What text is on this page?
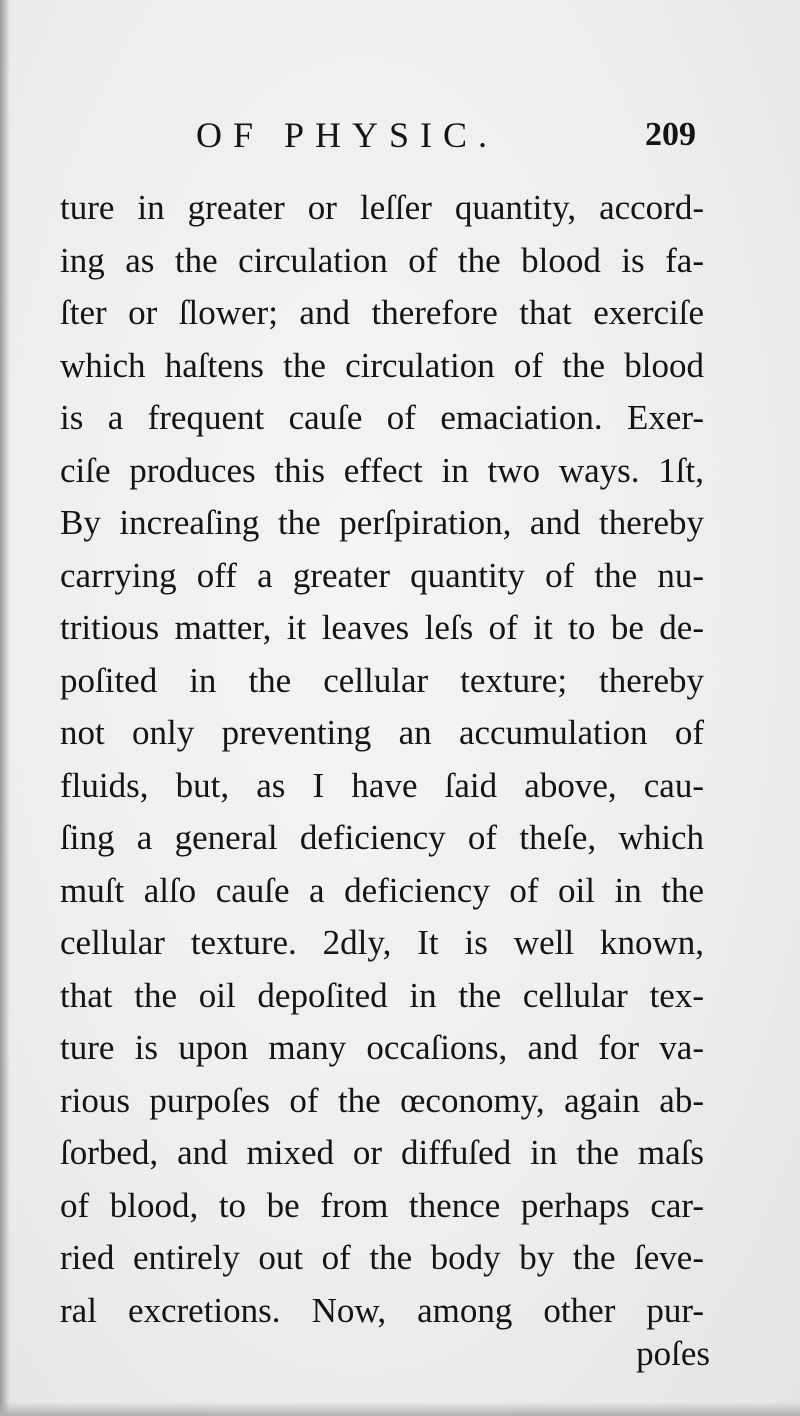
OF PHYSIC.	209
ture in greater or leſſer quantity, accord-
ing as the circulation of the blood is fa-
ſter or ſlower; and therefore that exerciſe
which haſtens the circulation of the blood
is a frequent cauſe of emaciation. Exer-
ciſe produces this effect in two ways. 1ſt,
By increaſing the perſpiration, and thereby
carrying off a greater quantity of the nu-
tritious matter, it leaves leſs of it to be de-
poſited in the cellular texture; thereby
not only preventing an accumulation of
fluids, but, as I have ſaid above, cau-
ſing a general deficiency of theſe, which
muſt alſo cauſe a deficiency of oil in the
cellular texture. 2dly, It is well known,
that the oil depoſited in the cellular tex-
ture is upon many occaſions, and for va-
rious purpoſes of the œconomy, again ab-
ſorbed, and mixed or diffuſed in the maſs
of blood, to be from thence perhaps car-
ried entirely out of the body by the ſeve-
ral excretions. Now, among other pur-
poſes
